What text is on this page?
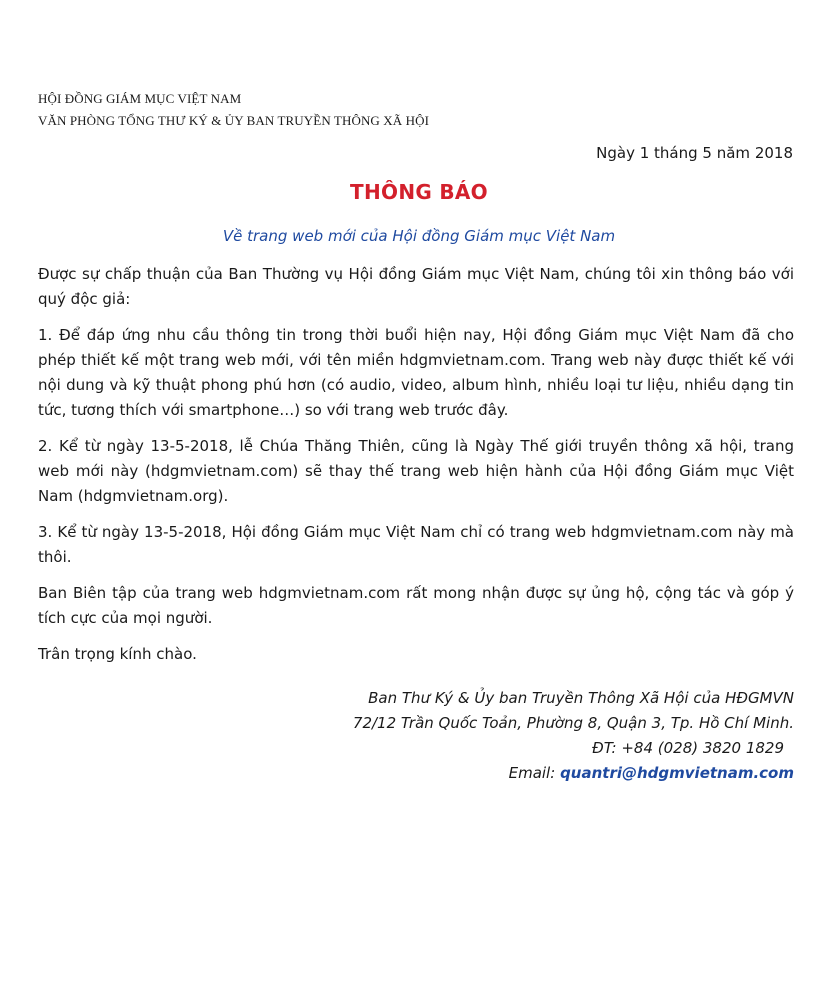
HỘI ĐỒNG GIÁM MỤC VIỆT NAM
VĂN PHÒNG TỔNG THƯ KÝ & ỦY BAN TRUYỀN THÔNG XÃ HỘI
Ngày 1 tháng 5 năm 2018
THÔNG BÁO
Về trang web mới của Hội đồng Giám mục Việt Nam

Được sự chấp thuận của Ban Thường vụ Hội đồng Giám mục Việt Nam, chúng tôi xin thông báo với quý độc giả:

1. Để đáp ứng nhu cầu thông tin trong thời buổi hiện nay, Hội đồng Giám mục Việt Nam đã cho phép thiết kế một trang web mới, với tên miền hdgmvietnam.com. Trang web này được thiết kế với nội dung và kỹ thuật phong phú hơn (có audio, video, album hình, nhiều loại tư liệu, nhiều dạng tin tức, tương thích với smartphone…) so với trang web trước đây.

2. Kể từ ngày 13-5-2018, lễ Chúa Thăng Thiên, cũng là Ngày Thế giới truyền thông xã hội, trang web mới này (hdgmvietnam.com) sẽ thay thế trang web hiện hành của Hội đồng Giám mục Việt Nam (hdgmvietnam.org).

3. Kể từ ngày 13-5-2018, Hội đồng Giám mục Việt Nam chỉ có trang web hdgmvietnam.com này mà thôi.

Ban Biên tập của trang web hdgmvietnam.com rất mong nhận được sự ủng hộ, cộng tác và góp ý tích cực của mọi người.

Trân trọng kính chào.

Ban Thư Ký & Ủy ban Truyền Thông Xã Hội của HĐGMVN
72/12 Trần Quốc Toản, Phường 8, Quận 3, Tp. Hồ Chí Minh.
ĐT: +84 (028) 3820 1829
Email: quantri@hdgmvietnam.com
